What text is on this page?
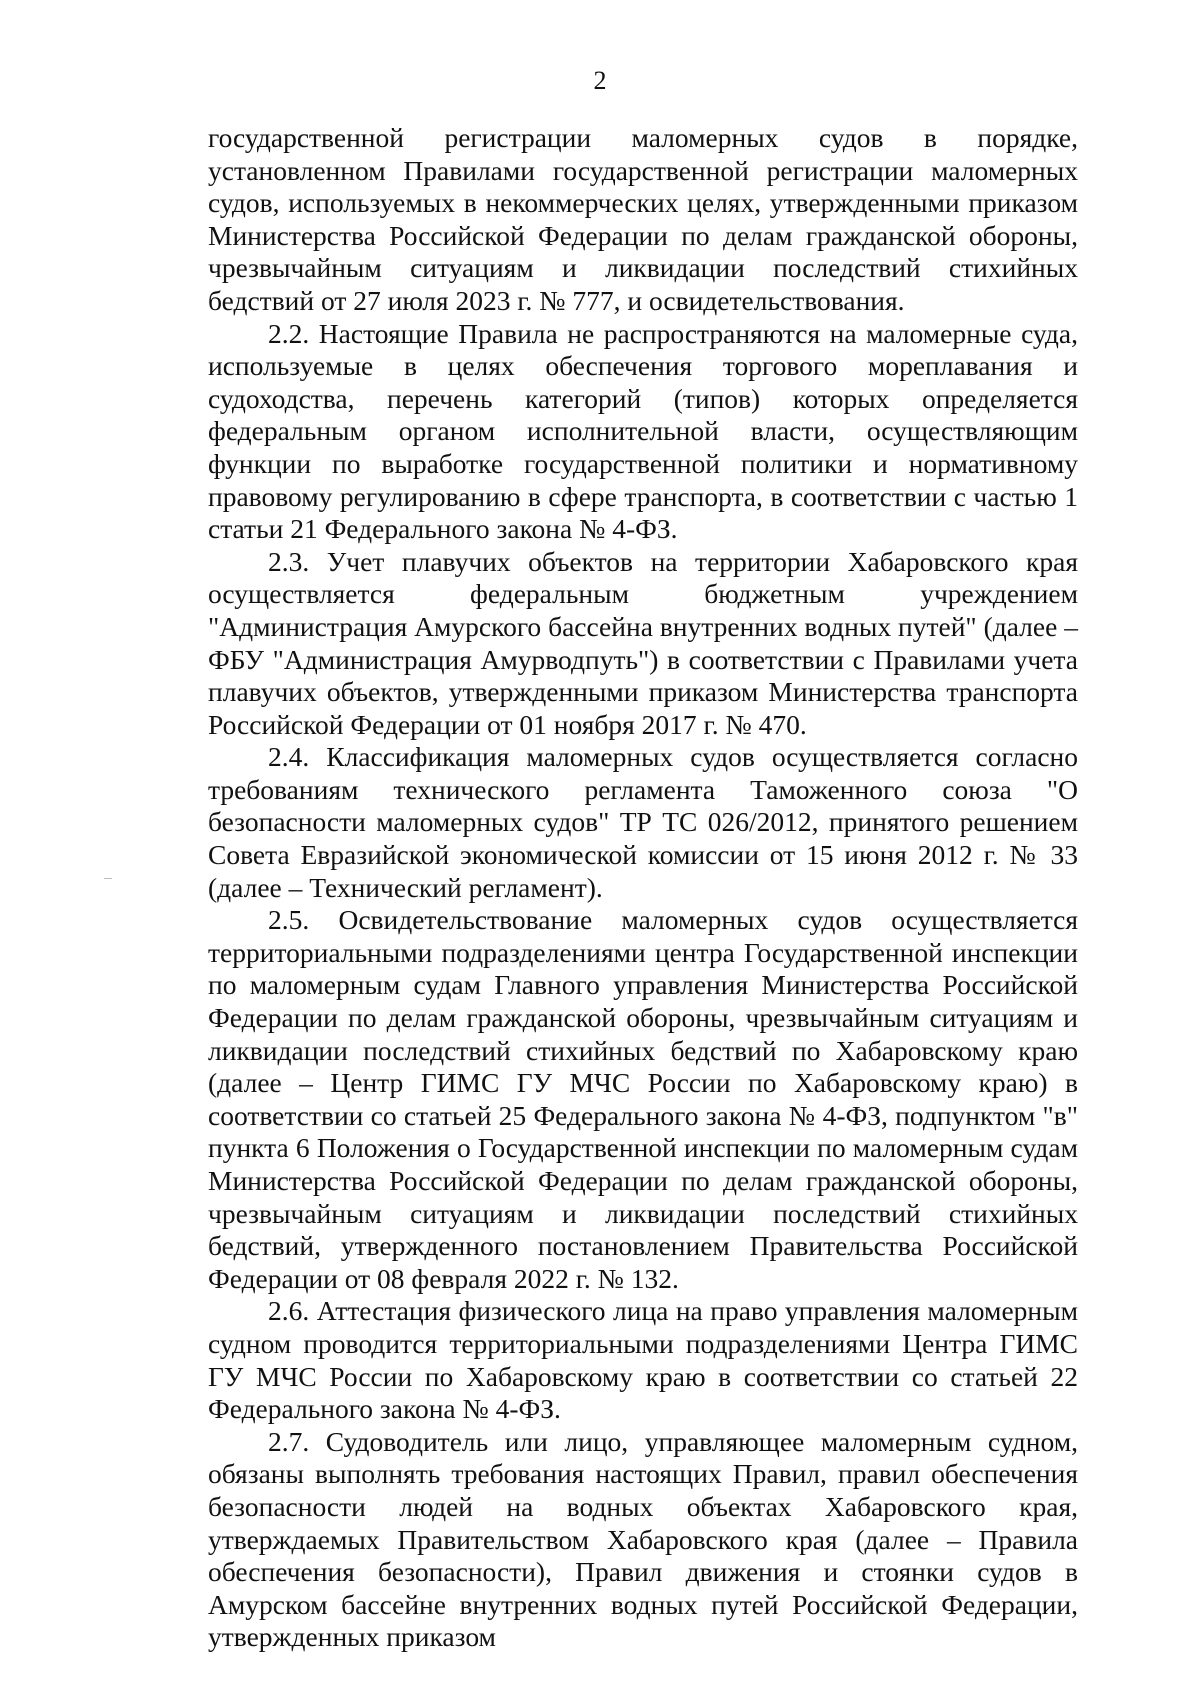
2

государственной регистрации маломерных судов в порядке, установленном Правилами государственной регистрации маломерных судов, используемых в некоммерческих целях, утвержденными приказом Министерства Российской Федерации по делам гражданской обороны, чрезвычайным ситуациям и ликвидации последствий стихийных бедствий от 27 июля 2023 г. № 777, и освидетельствования.

2.2. Настоящие Правила не распространяются на маломерные суда, используемые в целях обеспечения торгового мореплавания и судоходства, перечень категорий (типов) которых определяется федеральным органом исполнительной власти, осуществляющим функции по выработке государственной политики и нормативному правовому регулированию в сфере транспорта, в соответствии с частью 1 статьи 21 Федерального закона № 4-ФЗ.

2.3. Учет плавучих объектов на территории Хабаровского края осуществляется федеральным бюджетным учреждением "Администрация Амурского бассейна внутренних водных путей" (далее – ФБУ "Администрация Амурводпуть") в соответствии с Правилами учета плавучих объектов, утвержденными приказом Министерства транспорта Российской Федерации от 01 ноября 2017 г. № 470.

2.4. Классификация маломерных судов осуществляется согласно требованиям технического регламента Таможенного союза "О безопасности маломерных судов" ТР ТС 026/2012, принятого решением Совета Евразийской экономической комиссии от 15 июня 2012 г. № 33 (далее – Технический регламент).

2.5. Освидетельствование маломерных судов осуществляется территориальными подразделениями центра Государственной инспекции по маломерным судам Главного управления Министерства Российской Федерации по делам гражданской обороны, чрезвычайным ситуациям и ликвидации последствий стихийных бедствий по Хабаровскому краю (далее – Центр ГИМС ГУ МЧС России по Хабаровскому краю) в соответствии со статьей 25 Федерального закона № 4-ФЗ, подпунктом "в" пункта 6 Положения о Государственной инспекции по маломерным судам Министерства Российской Федерации по делам гражданской обороны, чрезвычайным ситуациям и ликвидации последствий стихийных бедствий, утвержденного постановлением Правительства Российской Федерации от 08 февраля 2022 г. № 132.

2.6. Аттестация физического лица на право управления маломерным судном проводится территориальными подразделениями Центра ГИМС ГУ МЧС России по Хабаровскому краю в соответствии со статьей 22 Федерального закона № 4-ФЗ.

2.7. Судоводитель или лицо, управляющее маломерным судном, обязаны выполнять требования настоящих Правил, правил обеспечения безопасности людей на водных объектах Хабаровского края, утверждаемых Правительством Хабаровского края (далее – Правила обеспечения безопасности), Правил движения и стоянки судов в Амурском бассейне внутренних водных путей Российской Федерации, утвержденных приказом
